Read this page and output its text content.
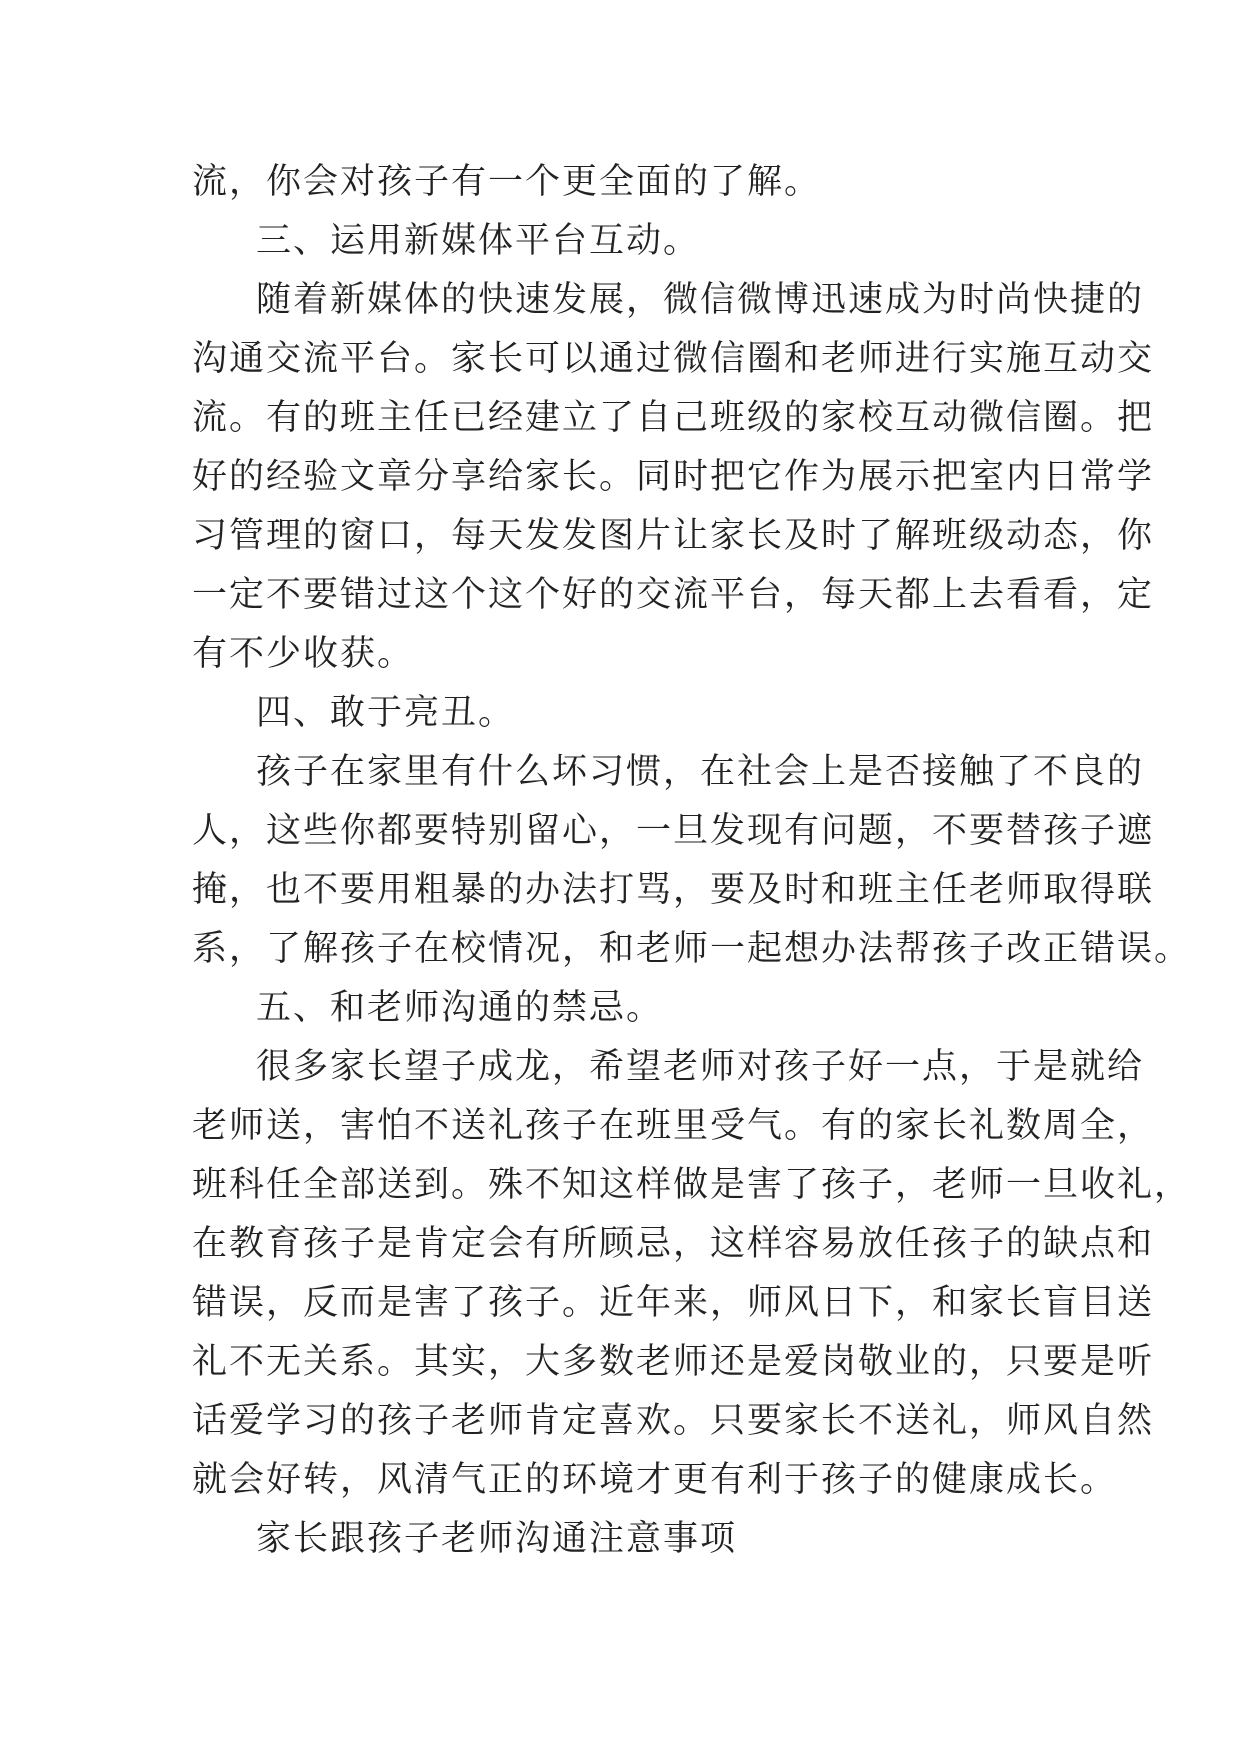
流，你会对孩子有一个更全面的了解。
三、运用新媒体平台互动。
随着新媒体的快速发展，微信微博迅速成为时尚快捷的
沟通交流平台。家长可以通过微信圈和老师进行实施互动交
流。有的班主任已经建立了自己班级的家校互动微信圈。把
好的经验文章分享给家长。同时把它作为展示把室内日常学
习管理的窗口，每天发发图片让家长及时了解班级动态，你
一定不要错过这个这个好的交流平台，每天都上去看看，定
有不少收获。
四、敢于亮丑。
孩子在家里有什么坏习惯，在社会上是否接触了不良的
人，这些你都要特别留心，一旦发现有问题，不要替孩子遮
掩，也不要用粗暴的办法打骂，要及时和班主任老师取得联
系，了解孩子在校情况，和老师一起想办法帮孩子改正错误。
五、和老师沟通的禁忌。
很多家长望子成龙，希望老师对孩子好一点，于是就给
老师送，害怕不送礼孩子在班里受气。有的家长礼数周全，
班科任全部送到。殊不知这样做是害了孩子，老师一旦收礼，
在教育孩子是肯定会有所顾忌，这样容易放任孩子的缺点和
错误，反而是害了孩子。近年来，师风日下，和家长盲目送
礼不无关系。其实，大多数老师还是爱岗敬业的，只要是听
话爱学习的孩子老师肯定喜欢。只要家长不送礼，师风自然
就会好转，风清气正的环境才更有利于孩子的健康成长。
家长跟孩子老师沟通注意事项
